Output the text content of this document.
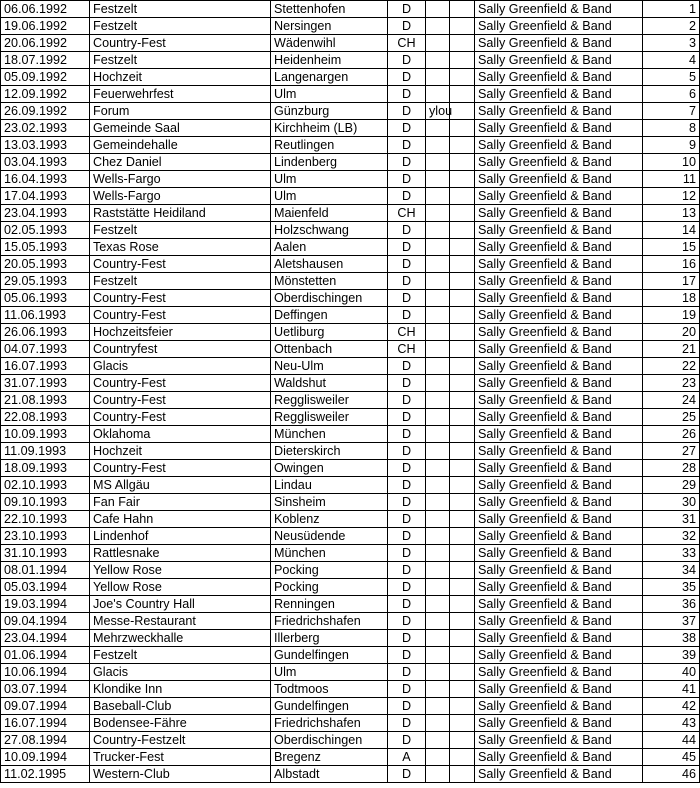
06.06.1992	Festzelt	Stettenhofen	D			Sally Greenfield & Band	1
19.06.1992	Festzelt	Nersingen	D			Sally Greenfield & Band	2
20.06.1992	Country-Fest	Wädenwihl	CH			Sally Greenfield & Band	3
18.07.1992	Festzelt	Heidenheim	D			Sally Greenfield & Band	4
05.09.1992	Hochzeit	Langenargen	D			Sally Greenfield & Band	5
12.09.1992	Feuerwehrfest	Ulm	D			Sally Greenfield & Band	6
26.09.1992	Forum	Günzburg	D	ylou		Sally Greenfield & Band	7
23.02.1993	Gemeinde Saal	Kirchheim (LB)	D			Sally Greenfield & Band	8
13.03.1993	Gemeindehalle	Reutlingen	D			Sally Greenfield & Band	9
03.04.1993	Chez Daniel	Lindenberg	D			Sally Greenfield & Band	10
16.04.1993	Wells-Fargo	Ulm	D			Sally Greenfield & Band	11
17.04.1993	Wells-Fargo	Ulm	D			Sally Greenfield & Band	12
23.04.1993	Raststätte Heidiland	Maienfeld	CH			Sally Greenfield & Band	13
02.05.1993	Festzelt	Holzschwang	D			Sally Greenfield & Band	14
15.05.1993	Texas Rose	Aalen	D			Sally Greenfield & Band	15
20.05.1993	Country-Fest	Aletshausen	D			Sally Greenfield & Band	16
29.05.1993	Festzelt	Mönstetten	D			Sally Greenfield & Band	17
05.06.1993	Country-Fest	Oberdischingen	D			Sally Greenfield & Band	18
11.06.1993	Country-Fest	Deffingen	D			Sally Greenfield & Band	19
26.06.1993	Hochzeitsfeier	Uetliburg	CH			Sally Greenfield & Band	20
04.07.1993	Countryfest	Ottenbach	CH			Sally Greenfield & Band	21
16.07.1993	Glacis	Neu-Ulm	D			Sally Greenfield & Band	22
31.07.1993	Country-Fest	Waldshut	D			Sally Greenfield & Band	23
21.08.1993	Country-Fest	Regglisweiler	D			Sally Greenfield & Band	24
22.08.1993	Country-Fest	Regglisweiler	D			Sally Greenfield & Band	25
10.09.1993	Oklahoma	München	D			Sally Greenfield & Band	26
11.09.1993	Hochzeit	Dieterskirch	D			Sally Greenfield & Band	27
18.09.1993	Country-Fest	Owingen	D			Sally Greenfield & Band	28
02.10.1993	MS Allgäu	Lindau	D			Sally Greenfield & Band	29
09.10.1993	Fan Fair	Sinsheim	D			Sally Greenfield & Band	30
22.10.1993	Cafe Hahn	Koblenz	D			Sally Greenfield & Band	31
23.10.1993	Lindenhof	Neusüdende	D			Sally Greenfield & Band	32
31.10.1993	Rattlesnake	München	D			Sally Greenfield & Band	33
08.01.1994	Yellow Rose	Pocking	D			Sally Greenfield & Band	34
05.03.1994	Yellow Rose	Pocking	D			Sally Greenfield & Band	35
19.03.1994	Joe's Country Hall	Renningen	D			Sally Greenfield & Band	36
09.04.1994	Messe-Restaurant	Friedrichshafen	D			Sally Greenfield & Band	37
23.04.1994	Mehrzweckhalle	Illerberg	D			Sally Greenfield & Band	38
01.06.1994	Festzelt	Gundelfingen	D			Sally Greenfield & Band	39
10.06.1994	Glacis	Ulm	D			Sally Greenfield & Band	40
03.07.1994	Klondike Inn	Todtmoos	D			Sally Greenfield & Band	41
09.07.1994	Baseball-Club	Gundelfingen	D			Sally Greenfield & Band	42
16.07.1994	Bodensee-Fähre	Friedrichshafen	D			Sally Greenfield & Band	43
27.08.1994	Country-Festzelt	Oberdischingen	D			Sally Greenfield & Band	44
10.09.1994	Trucker-Fest	Bregenz	A			Sally Greenfield & Band	45
11.02.1995	Western-Club	Albstadt	D			Sally Greenfield & Band	46
